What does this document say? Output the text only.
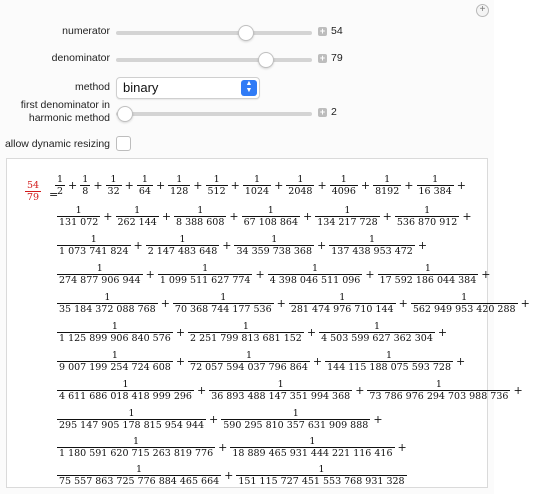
+
numerator	+ 54
denominator	+ 79
method binary	▲
▼
first denominator in
harmonic method	+ 2
allow dynamic resizing
$\frac{54}{79}$ =
$\frac{1}{2} + \frac{1}{8} + \frac{1}{32} + \frac{1}{64} + \frac{1}{128} + \frac{1}{512} + \frac{1}{1024} + \frac{1}{2048} + \frac{1}{4096} + \frac{1}{8192} + \frac{1}{16 384}$ +
$\frac{1}{131 072} + \frac{1}{262 144} + \frac{1}{8 388 608} + \frac{1}{67 108 864} + \frac{1}{134 217 728} + \frac{1}{536 870 912}$ +
$\frac{1}{1 073 741 824} + \frac{1}{2 147 483 648} + \frac{1}{34 359 738 368} + \frac{1}{137 438 953 472}$ +
$\frac{1}{274 877 906 944} + \frac{1}{1 099 511 627 774} + \frac{1}{4 398 046 511 096} + \frac{1}{17 592 186 044 384}$ +
$\frac{1}{35 184 372 088 768} + \frac{1}{70 368 744 177 536} + \frac{1}{281 474 976 710 144} + \frac{1}{562 949 953 420 288}$ +
$\frac{1}{1 125 899 906 840 576} + \frac{1}{2 251 799 813 681 152} + \frac{1}{4 503 599 627 362 304}$ +
$\frac{1}{9 007 199 254 724 608} + \frac{1}{72 057 594 037 796 864} + \frac{1}{144 115 188 075 593 728}$ +
$\frac{1}{4 611 686 018 418 999 296} + \frac{1}{36 893 488 147 351 994 368} + \frac{1}{73 786 976 294 703 988 736}$ +
$\frac{1}{295 147 905 178 815 954 944} + \frac{1}{590 295 810 357 631 909 888}$ +
$\frac{1}{1 180 591 620 715 263 819 776} + \frac{1}{18 889 465 931 444 221 116 416}$ +
$\frac{1}{75 557 863 725 776 884 465 664} + \frac{1}{151 115 727 451 553 768 931 328}$
